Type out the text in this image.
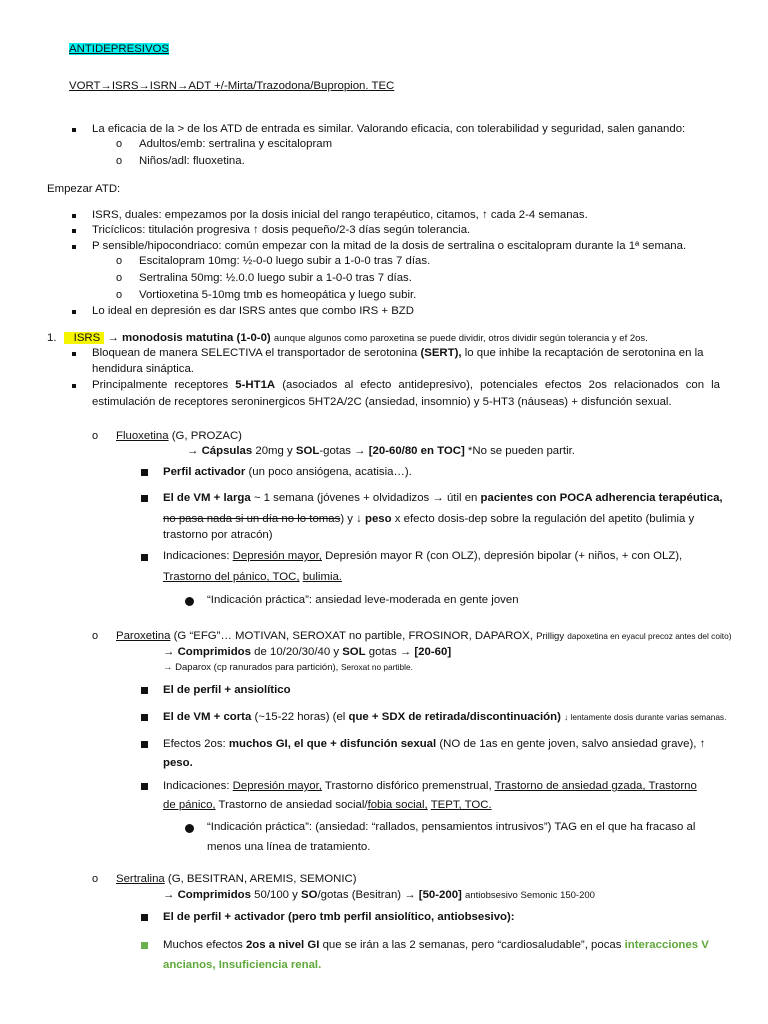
ANTIDEPRESIVOS
VORT→ISRS→ISRN→ADT +/-Mirta/Trazodona/Bupropion. TEC
La eficacia de la > de los ATD de entrada es similar. Valorando eficacia, con tolerabilidad y seguridad, salen ganando:
o Adultos/emb: sertralina y escitalopram
o Niños/adl: fluoxetina.
Empezar ATD:
ISRS, duales: empezamos por la dosis inicial del rango terapéutico, citamos, ↑ cada 2-4 semanas.
Tricíclicos: titulación progresiva ↑ dosis pequeño/2-3 días según tolerancia.
P sensible/hipocondriaco: común empezar con la mitad de la dosis de sertralina o escitalopram durante la 1ª semana.
o Escitalopram 10mg: ½-0-0 luego subir a 1-0-0 tras 7 días.
o Sertralina 50mg: ½.0.0 luego subir a 1-0-0 tras 7 días.
o Vortioxetina 5-10mg tmb es homeopática y luego subir.
Lo ideal en depresión es dar ISRS antes que combo IRS + BZD
1. ISRS → monodosis matutina (1-0-0) aunque algunos como paroxetina se puede dividir, otros dividir según tolerancia y ef 2os.
Bloquean de manera SELECTIVA el transportador de serotonina (SERT), lo que inhibe la recaptación de serotonina en la
hendidura sináptica.
Principalmente receptores 5-HT1A (asociados al efecto antidepresivo), potenciales efectos 2os relacionados con la
estimulación de receptores seroninergicos 5HT2A/2C (ansiedad, insomnio) y 5-HT3 (náuseas) + disfunción sexual.
o Fluoxetina (G, PROZAC)
→ Cápsulas 20mg y SOL-gotas → [20-60/80 en TOC] *No se pueden partir.
Perfil activador (un poco ansiógena, acatisia…).
El de VM + larga ~ 1 semana (jóvenes + olvidadizos → útil en pacientes con POCA adherencia terapéutica,
no pasa nada si un día no lo tomas) y ↓ peso x efecto dosis-dep sobre la regulación del apetito (bulimia y
trastorno por atracón)
Indicaciones: Depresión mayor, Depresión mayor R (con OLZ), depresión bipolar (+ niños, + con OLZ),
Trastorno del pánico, TOC, bulimia.
“Indicación práctica”: ansiedad leve-moderada en gente joven
o Paroxetina (G “EFG”… MOTIVAN, SEROXAT no partible, FROSINOR, DAPAROX, Prilligy dapoxetina en eyacul precoz antes del coito)
→ Comprimidos de 10/20/30/40 y SOL gotas → [20-60]
→ Daparox (cp ranurados para partición), Seroxat no partible.
El de perfil + ansiolítico
El de VM + corta (~15-22 horas) (el que + SDX de retirada/discontinuación) ↓ lentamente dosis durante varias semanas.
Efectos 2os: muchos GI, el que + disfunción sexual (NO de 1as en gente joven, salvo ansiedad grave), ↑
peso.
Indicaciones: Depresión mayor, Trastorno disfórico premenstrual, Trastorno de ansiedad gzada, Trastorno
de pánico, Trastorno de ansiedad social/fobia social, TEPT, TOC.
“Indicación práctica”: (ansiedad: “rallados, pensamientos intrusivos”) TAG en el que ha fracaso al
menos una línea de tratamiento.
o Sertralina (G, BESITRAN, AREMIS, SEMONIC)
→ Comprimidos 50/100 y SO/gotas (Besitran) → [50-200] antiobsesivo Semonic 150-200
El de perfil + activador (pero tmb perfil ansiolítico, antiobsesivo):
Muchos efectos 2os a nivel GI que se irán a las 2 semanas, pero “cardiosaludable”, pocas interacciones V
ancianos, Insuficiencia renal.
